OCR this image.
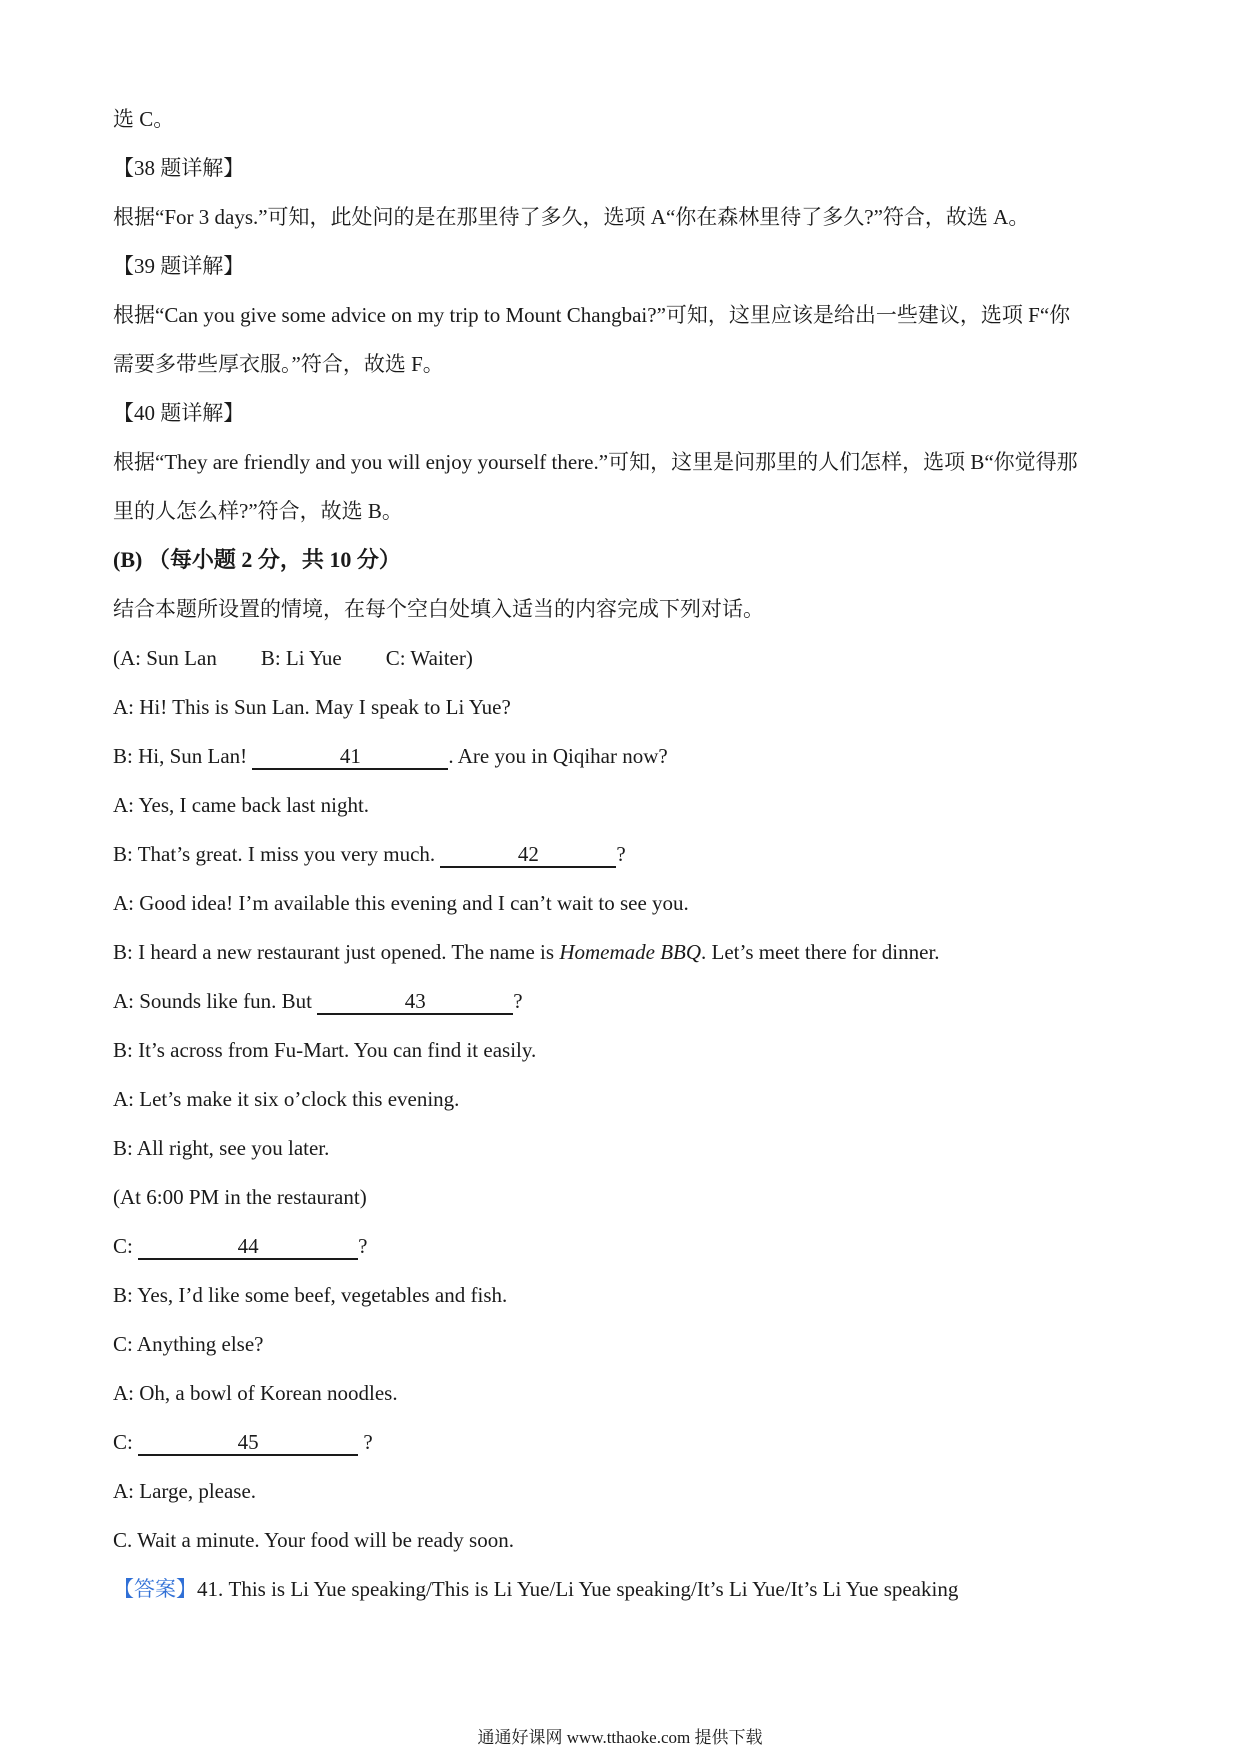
选 C。
【38 题详解】
根据“For 3 days.”可知，此处问的是在那里待了多久，选项 A“你在森林里待了多久?”符合，故选 A。
【39 题详解】
根据“Can you give some advice on my trip to Mount Changbai?”可知，这里应该是给出一些建议，选项 F“你
需要多带些厚衣服。”符合，故选 F。
【40 题详解】
根据“They are friendly and you will enjoy yourself there.”可知，这里是问那里的人们怎样，选项 B“你觉得那
里的人怎么样?”符合，故选 B。
(B) （每小题 2 分，共 10 分）
结合本题所设置的情境，在每个空白处填入适当的内容完成下列对话。
(A: Sun Lan B: Li Yue C: Waiter)
A: Hi! This is Sun Lan. May I speak to Li Yue?
B: Hi, Sun Lan!	41	. Are you in Qiqihar now?
A: Yes, I came back last night.
B: That’s great. I miss you very much.	42	?
A: Good idea! I’m available this evening and I can’t wait to see you.
B: I heard a new restaurant just opened. The name is Homemade BBQ. Let’s meet there for dinner.
A: Sounds like fun. But	43	?
B: It’s across from Fu-Mart. You can find it easily.
A: Let’s make it six o’clock this evening.
B: All right, see you later.
(At 6:00 PM in the restaurant)
C:	44	?
B: Yes, I’d like some beef, vegetables and fish.
C: Anything else?
A: Oh, a bowl of Korean noodles.
C:	45	?
A: Large, please.
C. Wait a minute. Your food will be ready soon.
【答案】41. This is Li Yue speaking/This is Li Yue/Li Yue speaking/It’s Li Yue/It’s Li Yue speaking
通通好课网 www.tthaoke.com 提供下载
